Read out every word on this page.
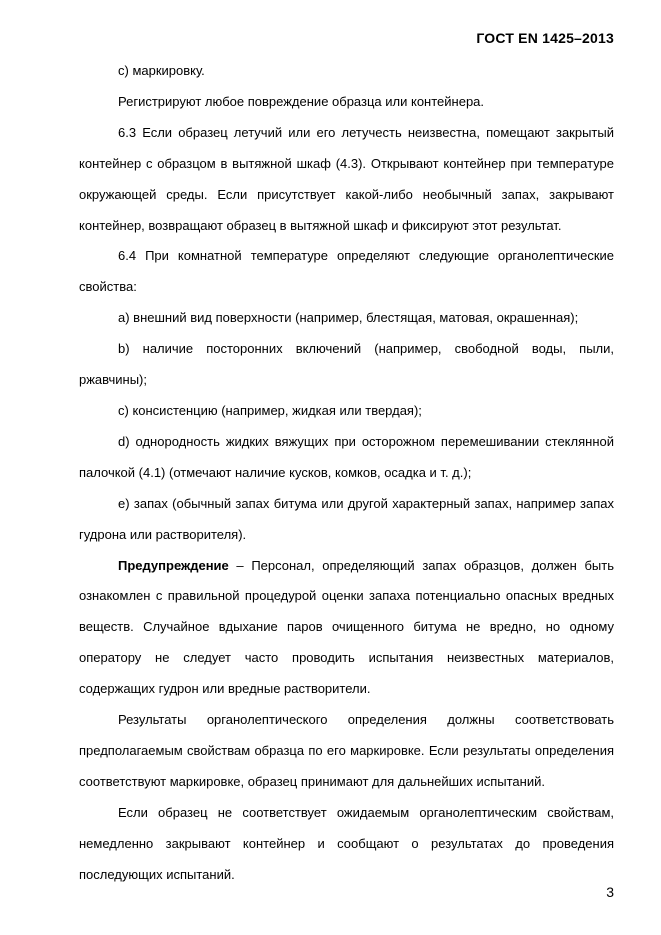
ГОСТ EN 1425–2013

c) маркировку.

Регистрируют любое повреждение образца или контейнера.

6.3 Если образец летучий или его летучесть неизвестна, помещают закрытый контейнер с образцом в вытяжной шкаф (4.3). Открывают контейнер при температуре окружающей среды. Если присутствует какой-либо необычный запах, закрывают контейнер, возвращают образец в вытяжной шкаф и фиксируют этот результат.

6.4 При комнатной температуре определяют следующие органолептические свойства:

a) внешний вид поверхности (например, блестящая, матовая, окрашенная);

b) наличие посторонних включений (например, свободной воды, пыли, ржавчины);

c) консистенцию (например, жидкая или твердая);

d) однородность жидких вяжущих при осторожном перемешивании стеклянной палочкой (4.1) (отмечают наличие кусков, комков, осадка и т. д.);

e) запах (обычный запах битума или другой характерный запах, например запах гудрона или растворителя).

Предупреждение – Персонал, определяющий запах образцов, должен быть ознакомлен с правильной процедурой оценки запаха потенциально опасных вредных веществ. Случайное вдыхание паров очищенного битума не вредно, но одному оператору не следует часто проводить испытания неизвестных материалов, содержащих гудрон или вредные растворители.

Результаты органолептического определения должны соответствовать предполагаемым свойствам образца по его маркировке. Если результаты определения соответствуют маркировке, образец принимают для дальнейших испытаний.

Если образец не соответствует ожидаемым органолептическим свойствам, немедленно закрывают контейнер и сообщают о результатах до проведения последующих испытаний.

3
